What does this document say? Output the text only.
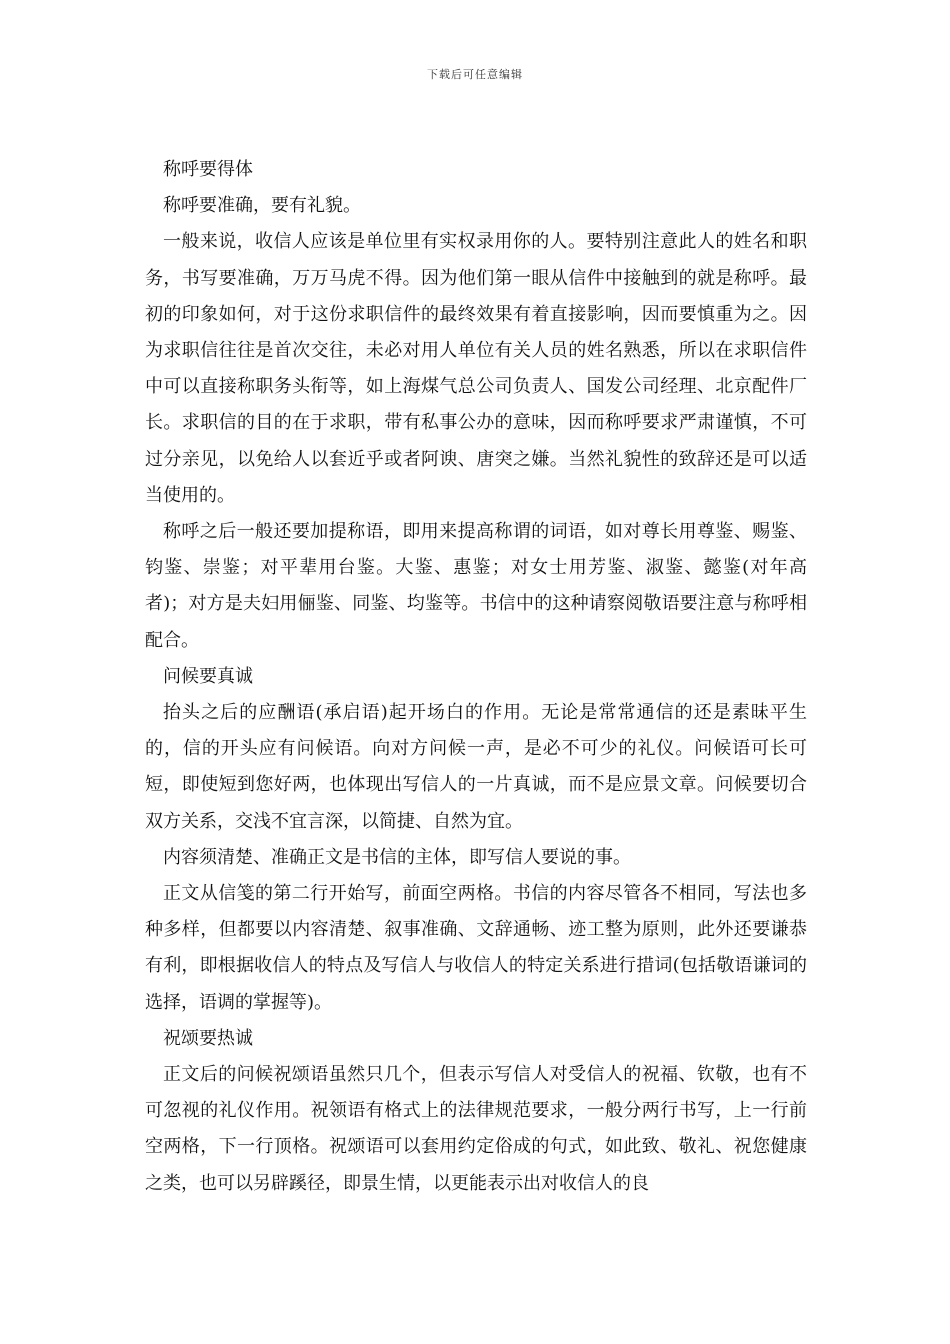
下载后可任意编辑

称呼要得体

称呼要准确，要有礼貌。

一般来说，收信人应该是单位里有实权录用你的人。要特别注意此人的姓名和职务，书写要准确，万万马虎不得。因为他们第一眼从信件中接触到的就是称呼。最初的印象如何，对于这份求职信件的最终效果有着直接影响，因而要慎重为之。因为求职信往往是首次交往，未必对用人单位有关人员的姓名熟悉，所以在求职信件中可以直接称职务头衔等，如上海煤气总公司负责人、国发公司经理、北京配件厂长。求职信的目的在于求职，带有私事公办的意味，因而称呼要求严肃谨慎，不可过分亲见，以免给人以套近乎或者阿谀、唐突之嫌。当然礼貌性的致辞还是可以适当使用的。

称呼之后一般还要加提称语，即用来提高称谓的词语，如对尊长用尊鉴、赐鉴、钧鉴、崇鉴；对平辈用台鉴。大鉴、惠鉴；对女士用芳鉴、淑鉴、懿鉴(对年高者)；对方是夫妇用俪鉴、同鉴、均鉴等。书信中的这种请察阅敬语要注意与称呼相配合。

问候要真诚

抬头之后的应酬语(承启语)起开场白的作用。无论是常常通信的还是素昧平生的，信的开头应有问候语。向对方问候一声，是必不可少的礼仪。问候语可长可短，即使短到您好两，也体现出写信人的一片真诚，而不是应景文章。问候要切合双方关系，交浅不宜言深，以简捷、自然为宜。

内容须清楚、准确正文是书信的主体，即写信人要说的事。

正文从信笺的第二行开始写，前面空两格。书信的内容尽管各不相同，写法也多种多样，但都要以内容清楚、叙事准确、文辞通畅、迹工整为原则，此外还要谦恭有利，即根据收信人的特点及写信人与收信人的特定关系进行措词(包括敬语谦词的选择，语调的掌握等)。

祝颂要热诚

正文后的问候祝颂语虽然只几个，但表示写信人对受信人的祝福、钦敬，也有不可忽视的礼仪作用。祝领语有格式上的法律规范要求，一般分两行书写，上一行前空两格，下一行顶格。祝颂语可以套用约定俗成的句式，如此致、敬礼、祝您健康之类，也可以另辟蹊径，即景生情，以更能表示出对收信人的良
